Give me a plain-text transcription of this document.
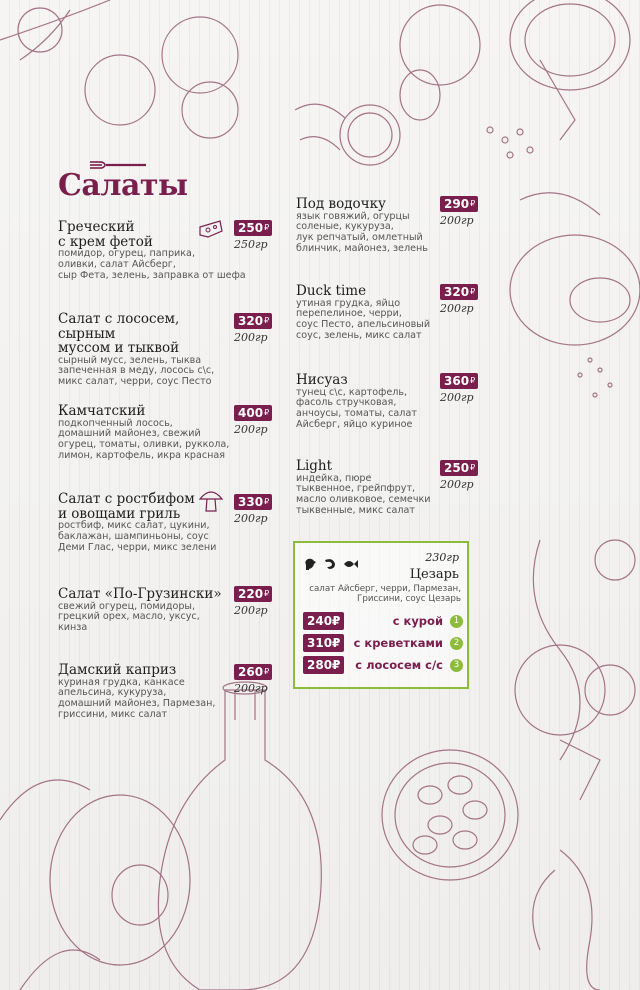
Салаты
Греческий
с крем фетой
помидор, огурец, паприка,
оливки, салат Айсберг,
сыр Фета, зелень, заправка от шефа
250₽
250гр
Салат с лососем, сырным
муссом и тыквой
сырный мусс, зелень, тыква
запеченная в меду, лосось с\с,
микс салат, черри, соус Песто
320₽
200гр
Камчатский
подкопченный лосось,
домашний майонез, свежий
огурец, томаты, оливки, руккола,
лимон, картофель, икра красная
400₽
200гр
Салат с ростбифом
и овощами гриль
ростбиф, микс салат, цукини,
баклажан, шампиньоны, соус
Деми Глас, черри, микс зелени
330₽
200гр
Салат «По-Грузински»
свежий огурец, помидоры,
грецкий орех, масло, уксус,
кинза
220₽
200гр
Дамский каприз
куриная грудка, канкасе
апельсина, кукуруза,
домашний майонез, Пармезан,
гриссини, микс салат
260₽
200гр
Под водочку
язык говяжий, огурцы
соленые, кукуруза,
лук репчатый, омлетный
блинчик, майонез, зелень
290₽
200гр
Duck time
утиная грудка, яйцо
перепелиное, черри,
соус Песто, апельсиновый
соус, зелень, микс салат
320₽
200гр
Нисуаз
тунец с\с, картофель,
фасоль стручковая,
анчоусы, томаты, салат
Айсберг, яйцо куриное
360₽
200гр
Light
индейка, пюре
тыквенное, грейпфрут,
масло оливковое, семечки
тыквенные, микс салат
250₽
200гр
230гр
Цезарь
салат Айсберг, черри, Пармезан,
Гриссини, соус Цезарь
240₽	с курой	1
310₽	с креветками	2
280₽	с лососем с/с	3
